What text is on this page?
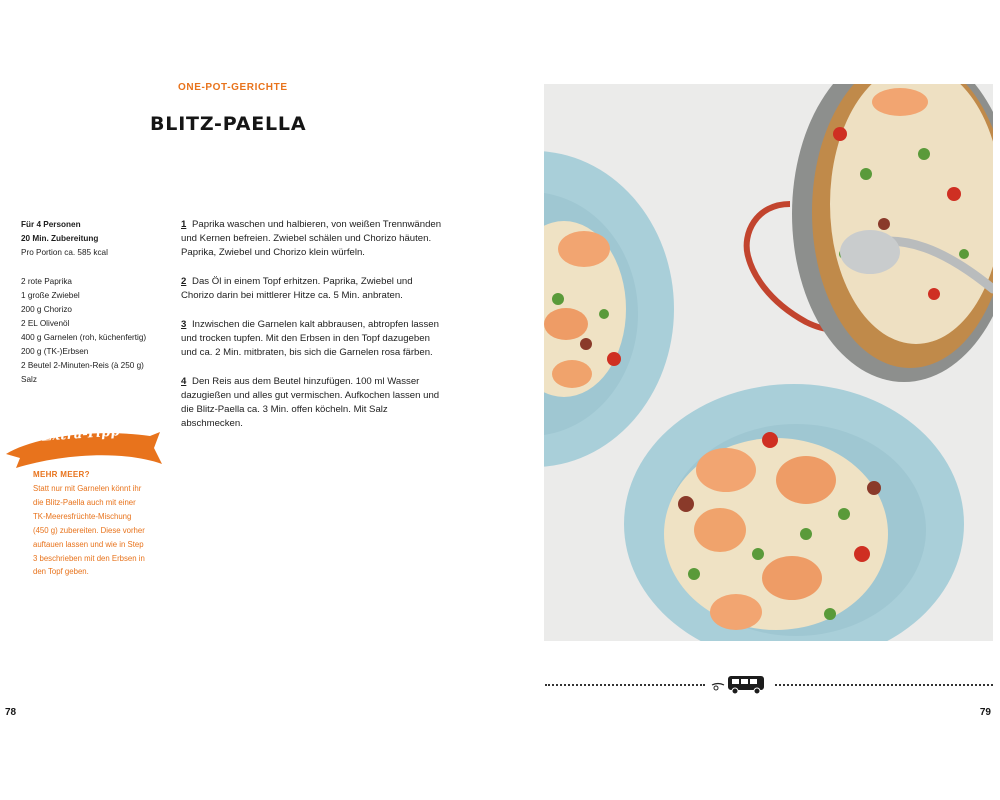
ONE-POT-GERICHTE
BLITZ-PAELLA
Für 4 Personen
20 Min. Zubereitung
Pro Portion ca. 585 kcal
2 rote Paprika
1 große Zwiebel
200 g Chorizo
2 EL Olivenöl
400 g Garnelen (roh, küchenfertig)
200 g (TK-)Erbsen
2 Beutel 2-Minuten-Reis (à 250 g)
Salz

1 Paprika waschen und halbieren, von weißen Trennwänden und Kernen befreien. Zwiebel schälen und Chorizo häuten. Paprika, Zwiebel und Chorizo klein würfeln.

2 Das Öl in einem Topf erhitzen. Paprika, Zwiebel und Chorizo darin bei mittlerer Hitze ca. 5 Min. anbraten.

3 Inzwischen die Garnelen kalt abbrausen, abtropfen lassen und trocken tupfen. Mit den Erbsen in den Topf dazugeben und ca. 2 Min. mitbraten, bis sich die Garnelen rosa färben.

4 Den Reis aus dem Beutel hinzufügen. 100 ml Wasser dazugießen und alles gut vermischen. Aufkochen lassen und die Blitz-Paella ca. 3 Min. offen köcheln. Mit Salz abschmecken.

Extra-Tipp
MEHR MEER?
Statt nur mit Garnelen könnt ihr die Blitz-Paella auch mit einer TK-Meeresfrüchte-Mischung (450 g) zubereiten. Diese vorher auftauen lassen und wie in Step 3 beschrieben mit den Erbsen in den Topf geben.
78	79
